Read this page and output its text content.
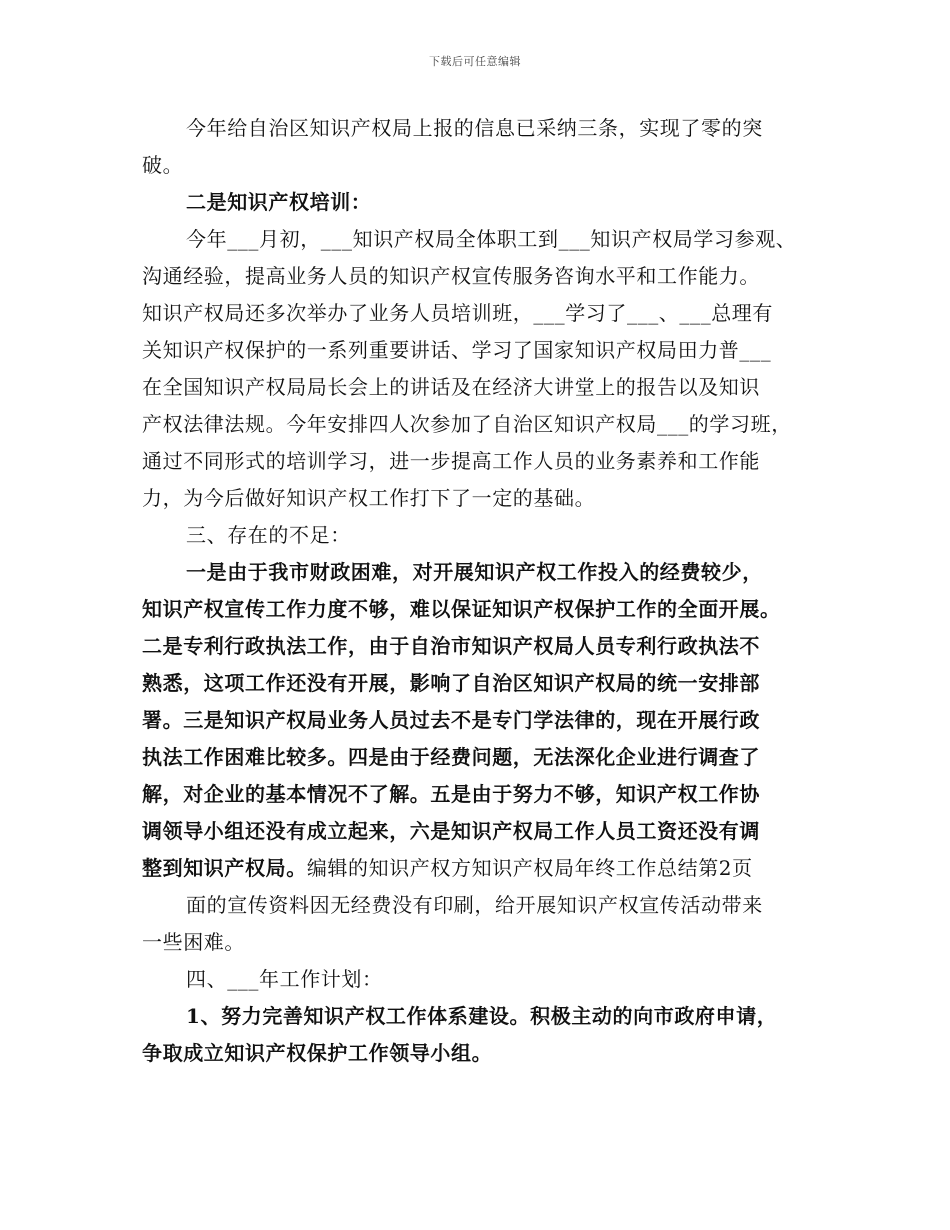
下载后可任意编辑
今年给自治区知识产权局上报的信息已采纳三条，实现了零的突
破。
二是知识产权培训：
今年___月初，___知识产权局全体职工到___知识产权局学习参观、
沟通经验，提高业务人员的知识产权宣传服务咨询水平和工作能力。
知识产权局还多次举办了业务人员培训班，___学习了___、___总理有
关知识产权保护的一系列重要讲话、学习了国家知识产权局田力普___
在全国知识产权局局长会上的讲话及在经济大讲堂上的报告以及知识
产权法律法规。今年安排四人次参加了自治区知识产权局___的学习班，
通过不同形式的培训学习，进一步提高工作人员的业务素养和工作能
力，为今后做好知识产权工作打下了一定的基础。
三、存在的不足：
一是由于我市财政困难，对开展知识产权工作投入的经费较少，
知识产权宣传工作力度不够，难以保证知识产权保护工作的全面开展。
二是专利行政执法工作，由于自治市知识产权局人员专利行政执法不
熟悉，这项工作还没有开展，影响了自治区知识产权局的统一安排部
署。三是知识产权局业务人员过去不是专门学法律的，现在开展行政
执法工作困难比较多。四是由于经费问题，无法深化企业进行调查了
解，对企业的基本情况不了解。五是由于努力不够，知识产权工作协
调领导小组还没有成立起来，六是知识产权局工作人员工资还没有调
整到知识产权局。编辑的知识产权方知识产权局年终工作总结第2页
面的宣传资料因无经费没有印刷，给开展知识产权宣传活动带来
一些困难。
四、___年工作计划：
1、努力完善知识产权工作体系建设。积极主动的向市政府申请，
争取成立知识产权保护工作领导小组。
